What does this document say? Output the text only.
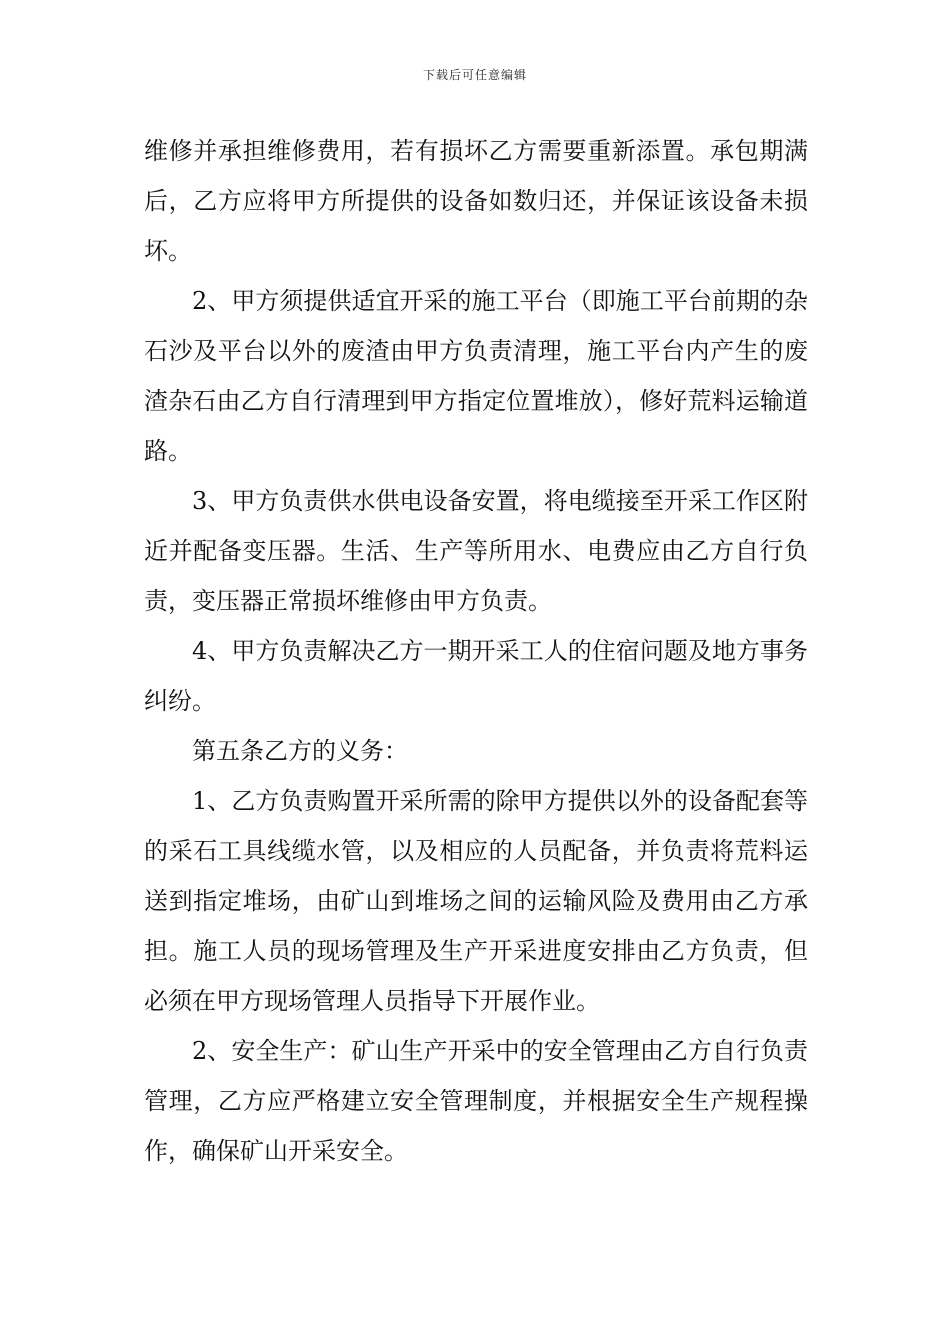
下载后可任意编辑

维修并承担维修费用，若有损坏乙方需要重新添置。承包期满后，乙方应将甲方所提供的设备如数归还，并保证该设备未损坏。

2、甲方须提供适宜开采的施工平台（即施工平台前期的杂石沙及平台以外的废渣由甲方负责清理，施工平台内产生的废渣杂石由乙方自行清理到甲方指定位置堆放），修好荒料运输道路。

3、甲方负责供水供电设备安置，将电缆接至开采工作区附近并配备变压器。生活、生产等所用水、电费应由乙方自行负责，变压器正常损坏维修由甲方负责。

4、甲方负责解决乙方一期开采工人的住宿问题及地方事务纠纷。

第五条乙方的义务：

1、乙方负责购置开采所需的除甲方提供以外的设备配套等的采石工具线缆水管，以及相应的人员配备，并负责将荒料运送到指定堆场，由矿山到堆场之间的运输风险及费用由乙方承担。施工人员的现场管理及生产开采进度安排由乙方负责，但必须在甲方现场管理人员指导下开展作业。

2、安全生产：矿山生产开采中的安全管理由乙方自行负责管理，乙方应严格建立安全管理制度，并根据安全生产规程操作，确保矿山开采安全。
